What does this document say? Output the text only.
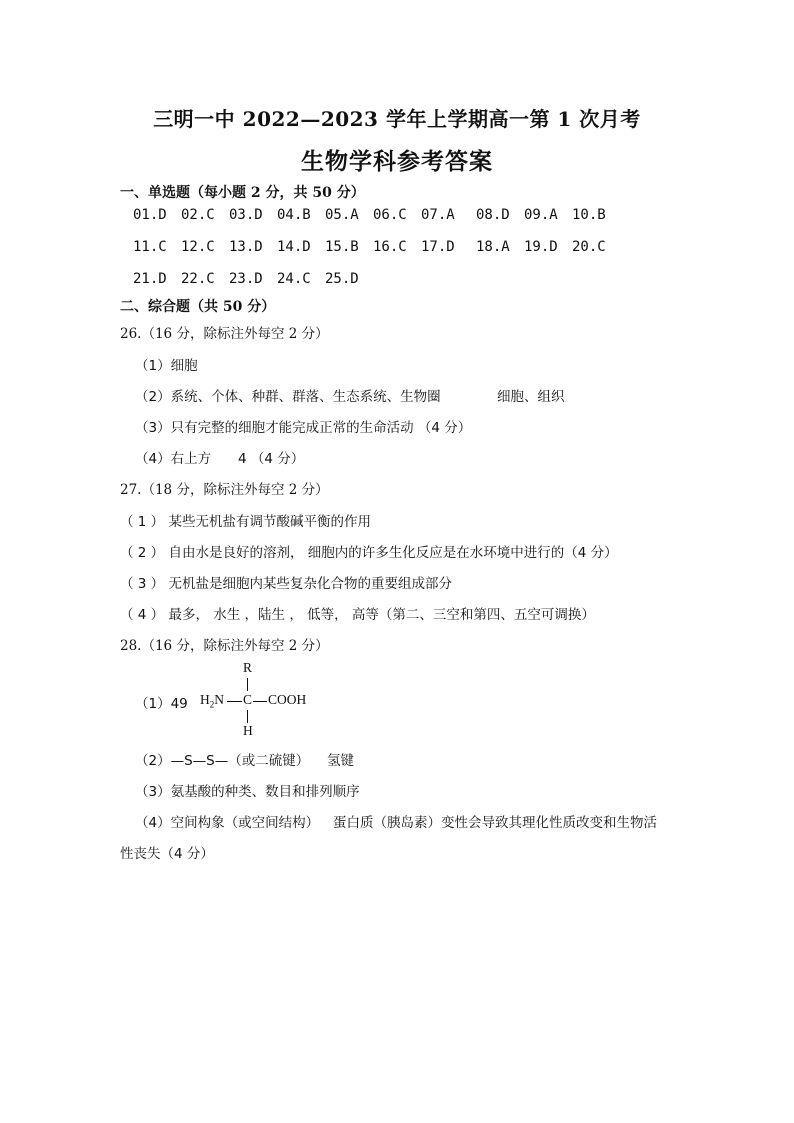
三明一中 2022—2023 学年上学期高一第 1 次月考
生物学科参考答案
一、单选题（每小题 2 分，共 50 分）
01.D 02.C 03.D 04.B 05.A 06.C 07.A 08.D 09.A 10.B
11.C 12.C 13.D 14.D 15.B 16.C 17.D 18.A 19.D 20.C
21.D 22.C 23.D 24.C 25.D
二、综合题（共 50 分）
26.（16 分，除标注外每空 2 分）
（1）细胞
（2）系统、个体、种群、群落、生态系统、生物圈	细胞、组织
（3）只有完整的细胞才能完成正常的生命活动 （4 分）
（4）右上方 4 （4 分）
27.（18 分，除标注外每空 2 分）
（ 1 ） 某些无机盐有调节酸碱平衡的作用
（ 2 ） 自由水是良好的溶剂， 细胞内的许多生化反应是在水环境中进行的（4 分）
（ 3 ） 无机盐是细胞内某些复杂化合物的重要组成部分
（ 4 ） 最多， 水生 ，陆生 ， 低等， 高等（第二、三空和第四、五空可调换）
28.（16 分，除标注外每空 2 分）
（1）49
R
$H_2N$ C COOH
H
（2）—S—S—（或二硫键） 氢键
（3）氨基酸的种类、数目和排列顺序
（4）空间构象（或空间结构） 蛋白质（胰岛素）变性会导致其理化性质改变和生物活
性丧失（4 分）
